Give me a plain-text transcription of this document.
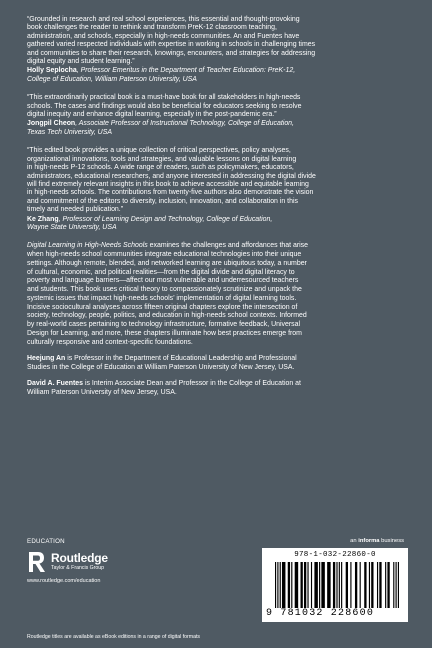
“Grounded in research and real school experiences, this essential and thought-provoking

book challenges the reader to rethink and transform PreK-12 classroom teaching,

administration, and schools, especially in high-needs communities. An and Fuentes have

gathered varied respected individuals with expertise in working in schools in challenging times

and communities to share their research, knowings, encounters, and strategies for addressing

digital equity and student learning.”

Holly Seplocha, Professor Emeritus in the Department of Teacher Education: PreK-12,
College of Education, William Paterson University, USA

“This extraordinarily practical book is a must-have book for all stakeholders in high-needs

schools. The cases and findings would also be beneficial for educators seeking to resolve

digital inequity and enhance digital learning, especially in the post-pandemic era.”

Jongpil Cheon, Associate Professor of Instructional Technology, College of Education,
Texas Tech University, USA

“This edited book provides a unique collection of critical perspectives, policy analyses,

organizational innovations, tools and strategies, and valuable lessons on digital learning

in high-needs P-12 schools. A wide range of readers, such as policymakers, educators,

administrators, educational researchers, and anyone interested in addressing the digital divide

will find extremely relevant insights in this book to achieve accessible and equitable learning

in high-needs schools. The contributions from twenty-five authors also demonstrate the vision

and commitment of the editors to diversity, inclusion, innovation, and collaboration in this

timely and needed publication.”

Ke Zhang, Professor of Learning Design and Technology, College of Education,
Wayne State University, USA
Digital Learning in High-Needs Schools examines the challenges and affordances that arise
when high-needs school communities integrate educational technologies into their unique
settings. Although remote, blended, and networked learning are ubiquitous today, a number
of cultural, economic, and political realities—from the digital divide and digital literacy to
poverty and language barriers—affect our most vulnerable and underresourced teachers
and students. This book uses critical theory to compassionately scrutinize and unpack the
systemic issues that impact high-needs schools’ implementation of digital learning tools.
Incisive sociocultural analyses across fifteen original chapters explore the intersection of
society, technology, people, politics, and education in high-needs school contexts. Informed
by real-world cases pertaining to technology infrastructure, formative feedback, Universal
Design for Learning, and more, these chapters illuminate how best practices emerge from
culturally responsive and context-specific foundations.
Heejung An is Professor in the Department of Educational Leadership and Professional
Studies in the College of Education at William Paterson University of New Jersey, USA.
David A. Fuentes is Interim Associate Dean and Professor in the College of Education at
William Paterson University of New Jersey, USA.
EDUCATION	an informa business
Routledge
Taylor & Francis Group
www.routledge.com/education
978-1-032-22860-0
9 781032 228600
Routledge titles are available as eBook editions in a range of digital formats
